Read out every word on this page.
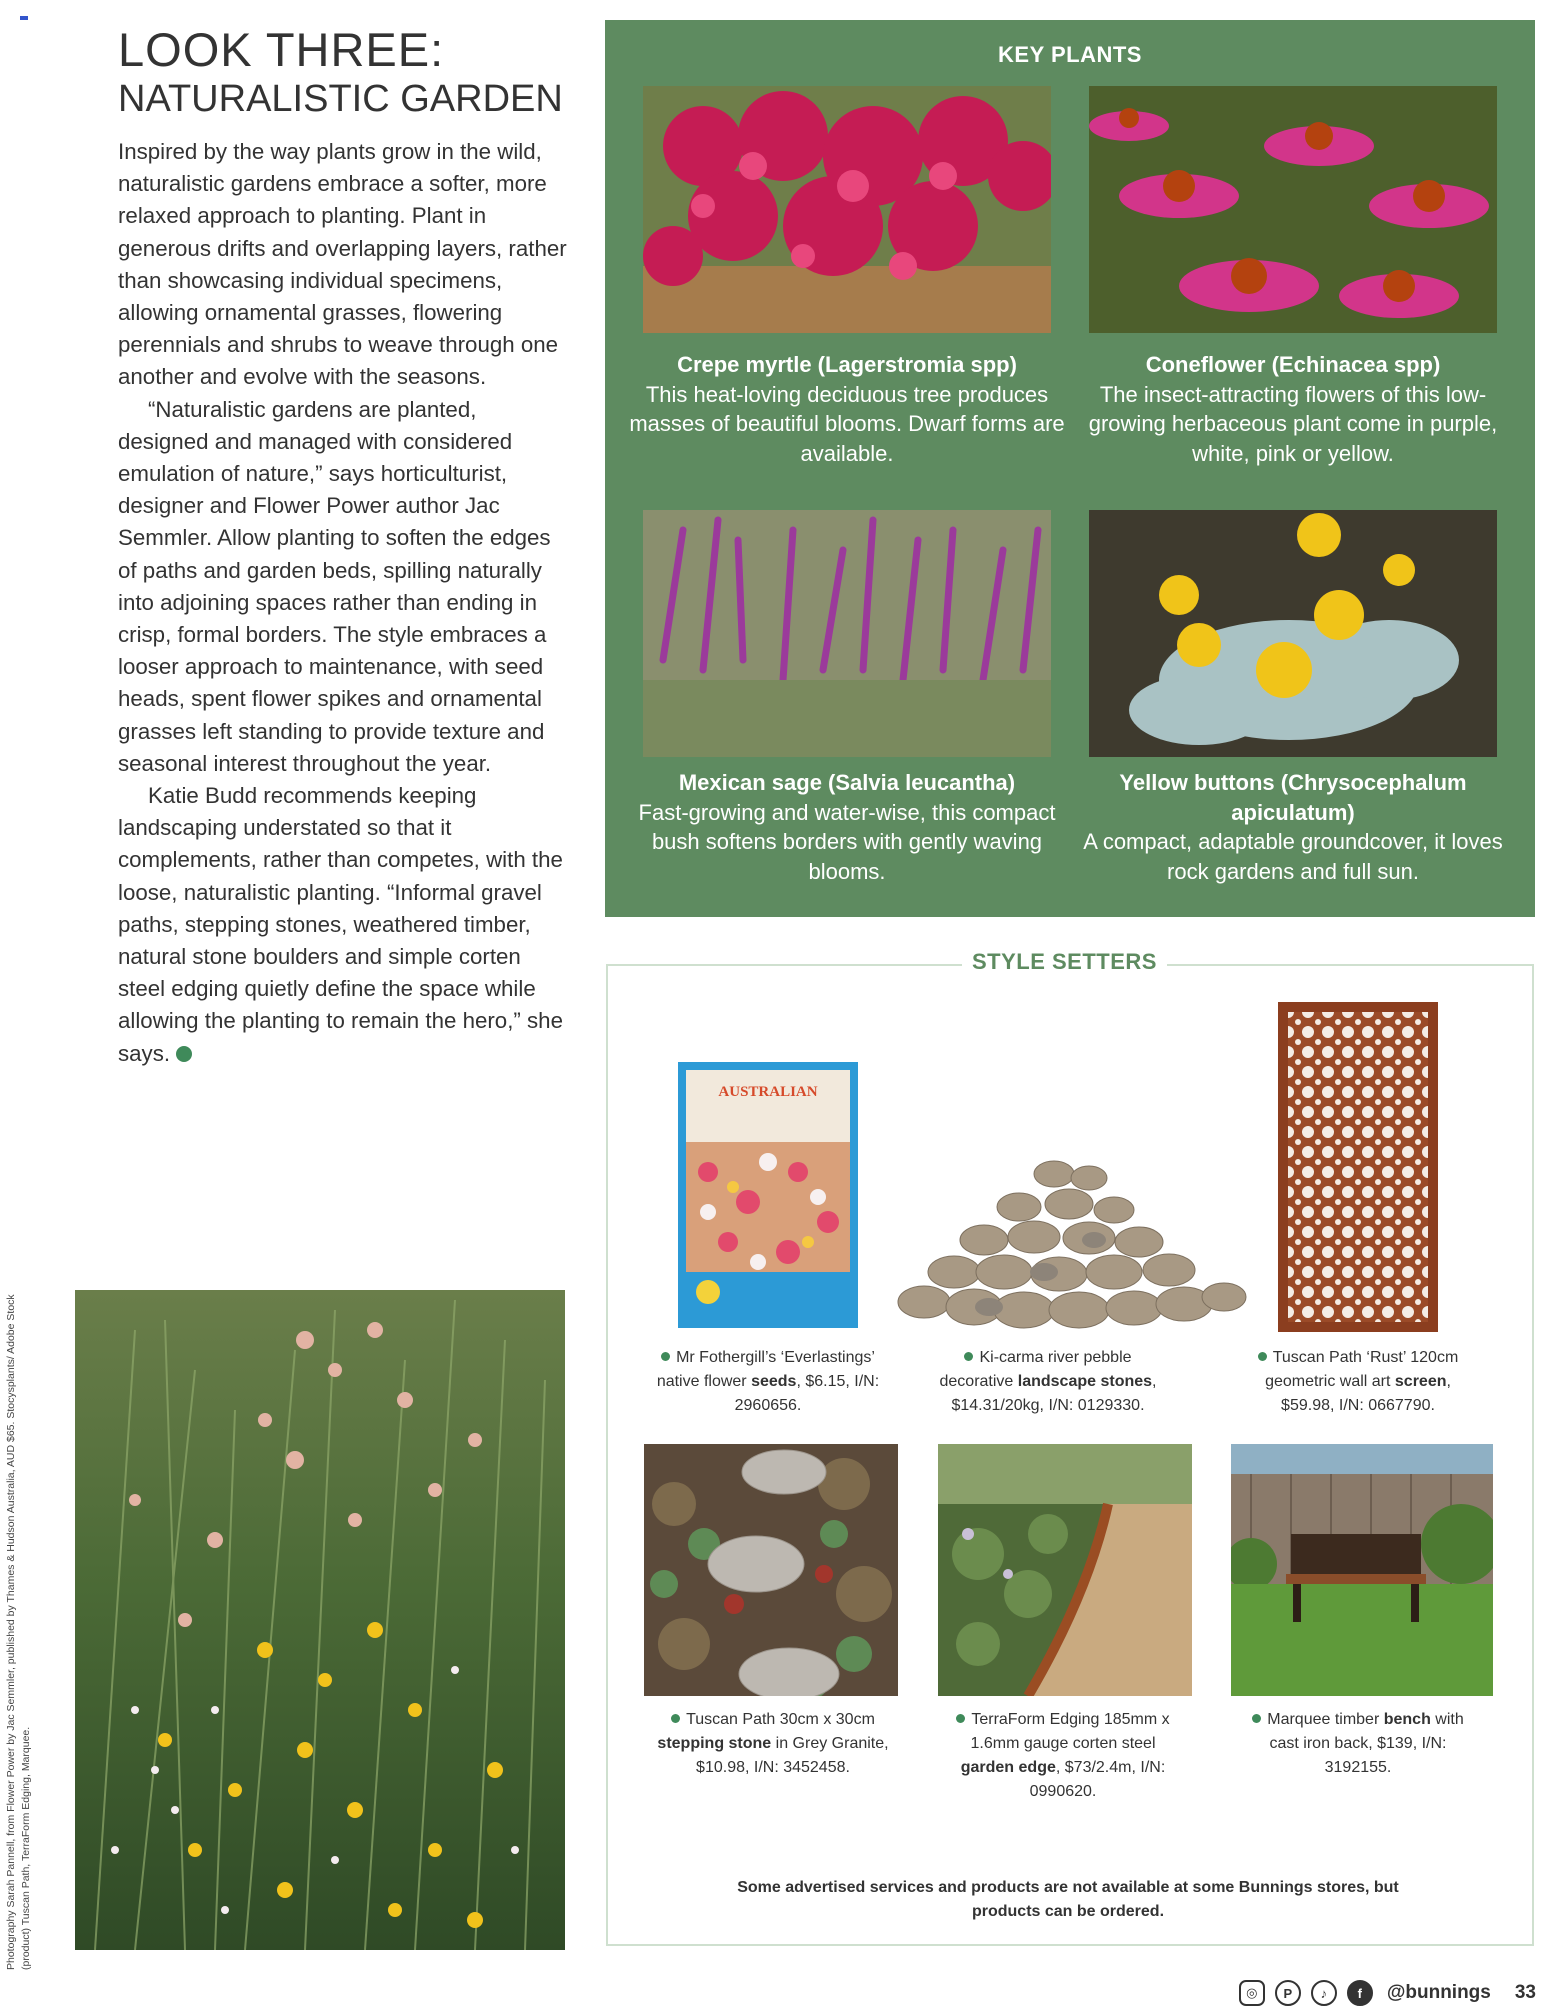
LOOK THREE:
NATURALISTIC GARDEN

Inspired by the way plants grow in the wild, naturalistic gardens embrace a softer, more relaxed approach to planting. Plant in generous drifts and overlapping layers, rather than showcasing individual specimens, allowing ornamental grasses, flowering perennials and shrubs to weave through one another and evolve with the seasons.

“Naturalistic gardens are planted, designed and managed with considered emulation of nature,” says horticulturist, designer and Flower Power author Jac Semmler. Allow planting to soften the edges of paths and garden beds, spilling naturally into adjoining spaces rather than ending in crisp, formal borders. The style embraces a looser approach to maintenance, with seed heads, spent flower spikes and ornamental grasses left standing to provide texture and seasonal interest throughout the year.

Katie Budd recommends keeping landscaping understated so that it complements, rather than competes, with the loose, naturalistic planting. “Informal gravel paths, stepping stones, weathered timber, natural stone boulders and simple corten steel edging quietly define the space while allowing the planting to remain the hero,” she says.

Photography Sarah Pannell, from Flower Power by Jac Semmler, published by Thames & Hudson Australia, AUD $65. Stocysplants/ Adobe Stock (product) Tuscan Path, TerraForm Edging, Marquee.
KEY PLANTS
Crepe myrtle (Lagerstromia spp)
This heat-loving deciduous tree produces masses of beautiful blooms. Dwarf forms are available.
Coneflower (Echinacea spp)
The insect-attracting flowers of this low-growing herbaceous plant come in purple, white, pink or yellow.
Mexican sage (Salvia leucantha)
Fast-growing and water-wise, this compact bush softens borders with gently waving blooms.
Yellow buttons (Chrysocephalum apiculatum)
A compact, adaptable groundcover, it loves rock gardens and full sun.
STYLE SETTERS
AUSTRALIAN
Mr Fothergill’s ‘Everlastings’ native flower seeds, $6.15, I/N: 2960656.
Ki-carma river pebble decorative landscape stones, $14.31/20kg, I/N: 0129330.
Tuscan Path ‘Rust’ 120cm geometric wall art screen, $59.98, I/N: 0667790.
Tuscan Path 30cm x 30cm stepping stone in Grey Granite, $10.98, I/N: 3452458.
TerraForm Edging 185mm x 1.6mm gauge corten steel garden edge, $73/2.4m, I/N: 0990620.
Marquee timber bench with cast iron back, $139, I/N: 3192155.
Some advertised services and products are not available at some Bunnings stores, but products can be ordered.
◎	P	♪	f	@bunnings 33
